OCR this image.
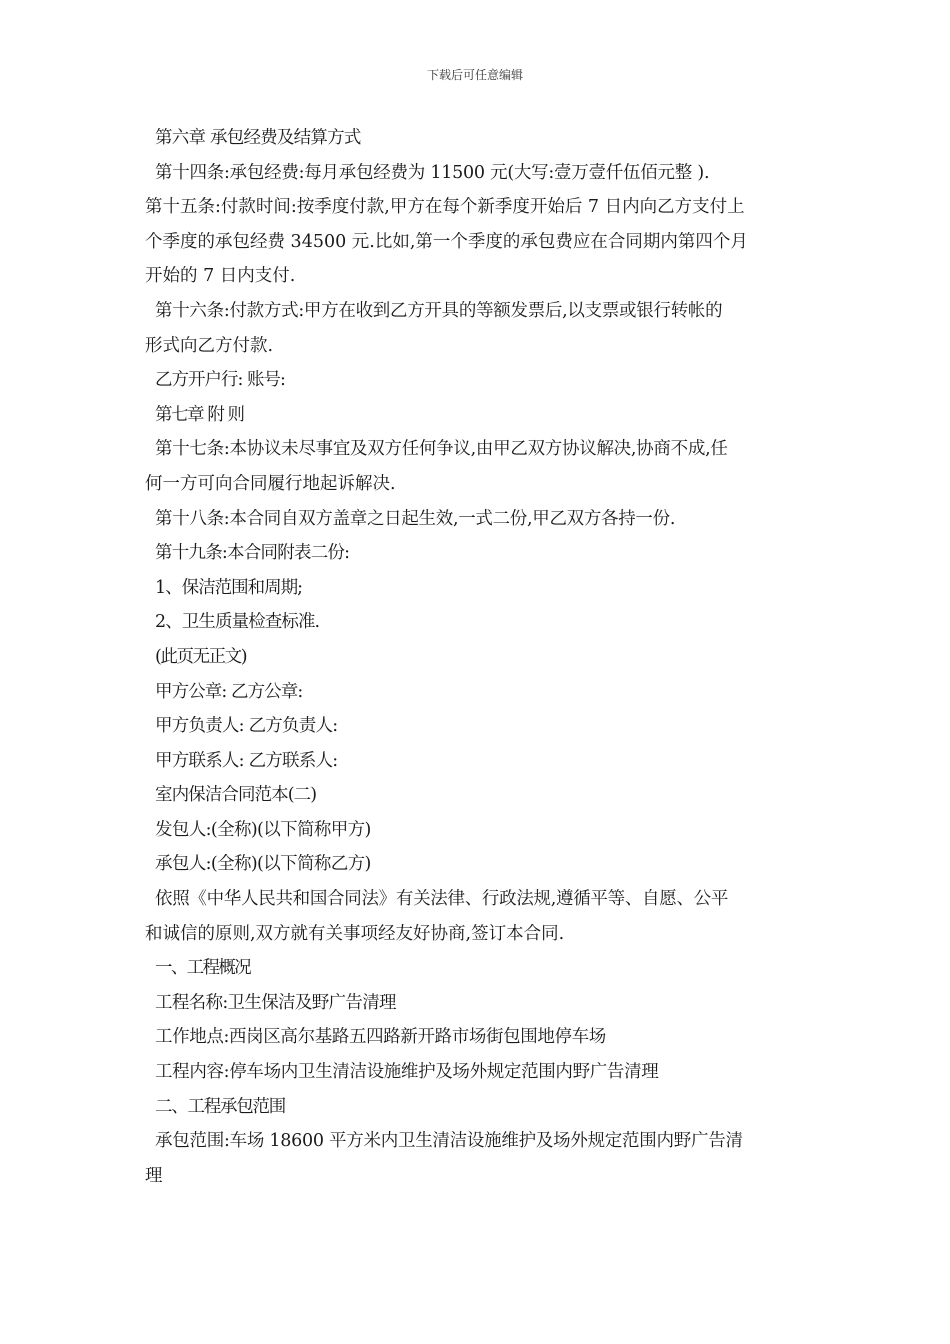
下载后可任意编辑

第六章 承包经费及结算方式

第十四条:承包经费:每月承包经费为 11500 元(大写:壹万壹仟伍佰元整 ).

第十五条:付款时间:按季度付款,甲方在每个新季度开始后 7 日内向乙方支付上

个季度的承包经费 34500 元.比如,第一个季度的承包费应在合同期内第四个月

开始的 7 日内支付.

第十六条:付款方式:甲方在收到乙方开具的等额发票后,以支票或银行转帐的

形式向乙方付款.

乙方开户行: 账号:

第七章 附 则

第十七条:本协议未尽事宜及双方任何争议,由甲乙双方协议解决,协商不成,任

何一方可向合同履行地起诉解决.

第十八条:本合同自双方盖章之日起生效,一式二份,甲乙双方各持一份.

第十九条:本合同附表二份:

1、保洁范围和周期;

2、卫生质量检查标准.

(此页无正文)

甲方公章: 乙方公章:

甲方负责人: 乙方负责人:

甲方联系人: 乙方联系人:

室内保洁合同范本(二)

发包人:(全称)(以下简称甲方)

承包人:(全称)(以下简称乙方)

依照《中华人民共和国合同法》有关法律、行政法规,遵循平等、自愿、公平

和诚信的原则,双方就有关事项经友好协商,签订本合同.

一、工程概况

工程名称:卫生保洁及野广告清理

工作地点:西岗区高尔基路五四路新开路市场街包围地停车场

工程内容:停车场内卫生清洁设施维护及场外规定范围内野广告清理

二、工程承包范围

承包范围:车场 18600 平方米内卫生清洁设施维护及场外规定范围内野广告清

理
